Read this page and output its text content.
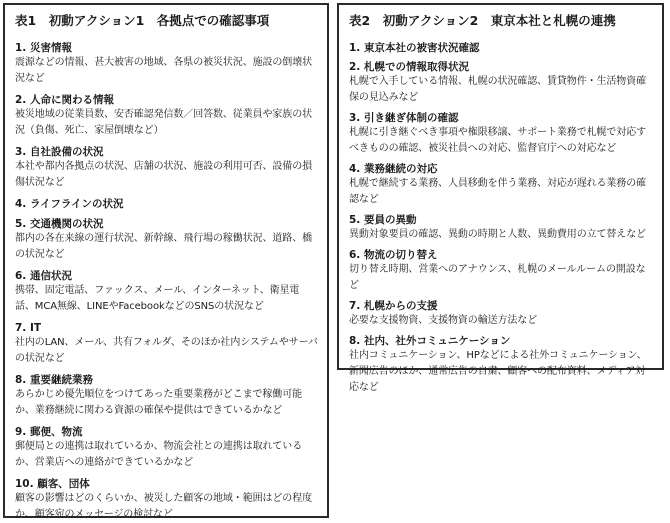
表1　初動アクション1　各拠点での確認事項
1. 災害情報
震源などの情報、甚大被害の地域、各県の被災状況、施設の倒壊状況など
2. 人命に関わる情報
被災地域の従業員数、安否確認発信数／回答数、従業員や家族の状況（負傷、死亡、家屋倒壊など）
3. 自社設備の状況
本社や都内各拠点の状況、店舗の状況、施設の利用可否、設備の損傷状況など
4. ライフラインの状況
5. 交通機関の状況
都内の各在来線の運行状況、新幹線、飛行場の稼働状況、道路、橋の状況など
6. 通信状況
携帯、固定電話、ファックス、メール、インターネット、衛星電話、MCA無線、LINEやFacebookなどのSNSの状況など
7. IT
社内のLAN、メール、共有フォルダ、そのほか社内システムやサーバの状況など
8. 重要継続業務
あらかじめ優先順位をつけてあった重要業務がどこまで稼働可能か、業務継続に関わる資源の確保や提供はできているかなど
9. 郵便、物流
郵便局との連携は取れているか、物流会社との連携は取れているか、営業店への連絡ができているかなど
10. 顧客、団体
顧客の影響はどのくらいか、被災した顧客の地域・範囲はどの程度か、顧客宛のメッセージの検討など
表2　初動アクション2　東京本社と札幌の連携
1. 東京本社の被害状況確認
2. 札幌での情報取得状況
札幌で入手している情報、札幌の状況確認、賃貸物件・生活物資確保の見込みなど
3. 引き継ぎ体制の確認
札幌に引き継ぐべき事項や権限移譲、サポート業務で札幌で対応すべきものの確認、被災社員への対応、監督官庁への対応など
4. 業務継続の対応
札幌で継続する業務、人員移動を伴う業務、対応が遅れる業務の確認など
5. 要員の異動
異動対象要員の確認、異動の時期と人数、異動費用の立て替えなど
6. 物流の切り替え
切り替え時期、営業へのアナウンス、札幌のメールルームの開設など
7. 札幌からの支援
必要な支援物資、支援物資の輸送方法など
8. 社内、社外コミュニケーション
社内コミュニケーション、HPなどによる社外コミュニケーション、新聞広告のほか、通常広告の自粛、顧客への配布資料、メディア対応など
